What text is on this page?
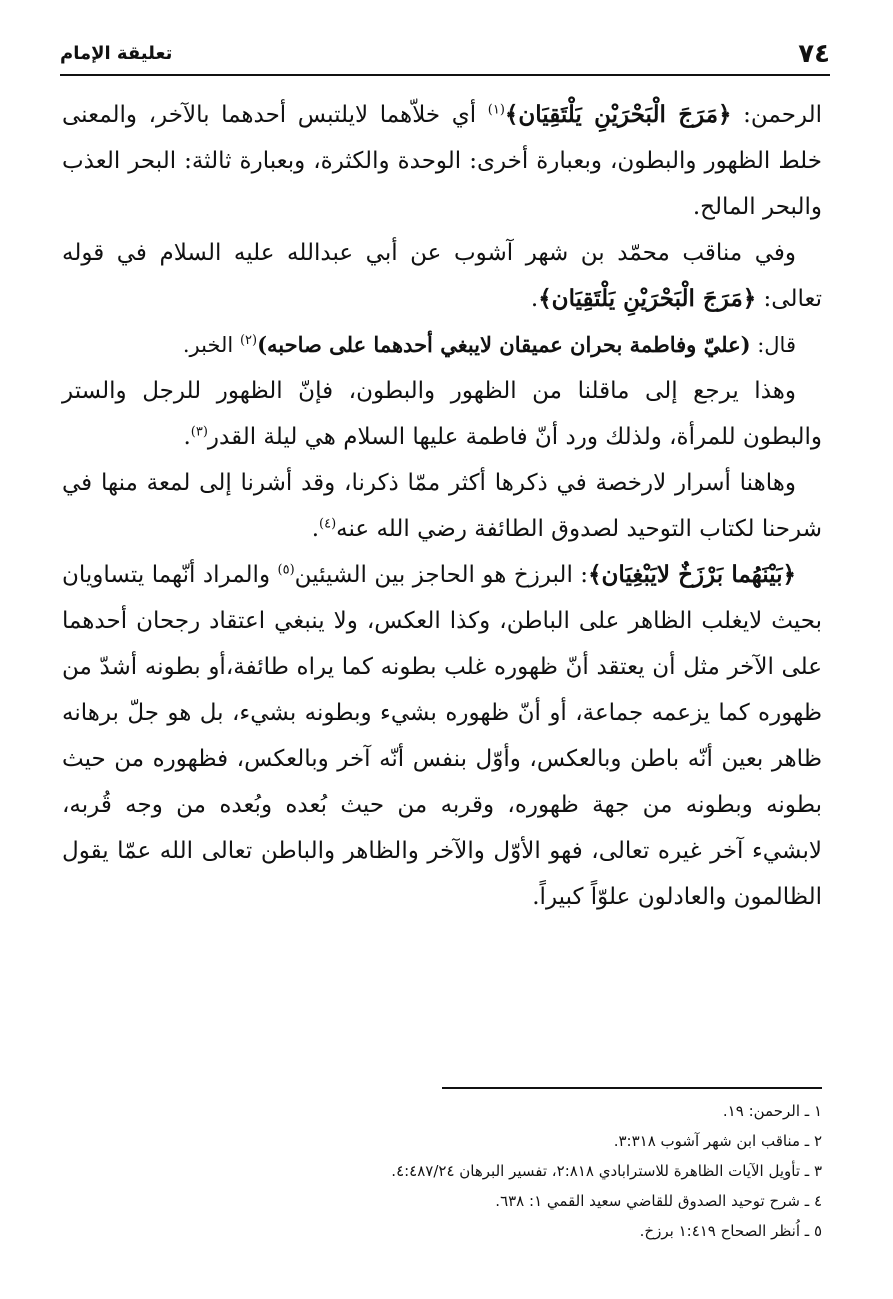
٧٤
تعليقة الإمام

الرحمن: ﴿مَرَجَ الْبَحْرَيْنِ يَلْتَقِيَان﴾$^{(١)}$ أي خلاّهما لايلتبس أحدهما بالآخر، والمعنى خلط الظهور والبطون، وبعبارة أخرى: الوحدة والكثرة، وبعبارة ثالثة: البحر العذب والبحر المالح.

وفي مناقب محمّد بن شهر آشوب عن أبي عبدالله عليه السلام في قوله تعالى: ﴿مَرَجَ الْبَحْرَيْنِ يَلْتَقِيَان﴾.

قال: (عليّ وفاطمة بحران عميقان لايبغي أحدهما على صاحبه)$^{(٢)}$ الخبر.

وهذا يرجع إلى ماقلنا من الظهور والبطون، فإنّ الظهور للرجل والستر والبطون للمرأة، ولذلك ورد أنّ فاطمة عليها السلام هي ليلة القدر$^{(٣)}$.

وهاهنا أسرار لارخصة في ذكرها أكثر ممّا ذكرنا، وقد أشرنا إلى لمعة منها في شرحنا لكتاب التوحيد لصدوق الطائفة رضي الله عنه$^{(٤)}$.

﴿بَيْنَهُما بَرْزَخٌ لايَبْغِيَان﴾: البرزخ هو الحاجز بين الشيئين$^{(٥)}$ والمراد أنّهما يتساويان بحيث لايغلب الظاهر على الباطن، وكذا العكس، ولا ينبغي اعتقاد رجحان أحدهما على الآخر مثل أن يعتقد أنّ ظهوره غلب بطونه كما يراه طائفة،أو بطونه أشدّ من ظهوره كما يزعمه جماعة، أو أنّ ظهوره بشيء وبطونه بشيء، بل هو جلّ برهانه ظاهر بعين أنّه باطن وبالعكس، وأوّل بنفس أنّه آخر وبالعكس، فظهوره من حيث بطونه وبطونه من جهة ظهوره، وقربه من حيث بُعده وبُعده من وجه قُربه، لابشيء آخر غيره تعالى، فهو الأوّل والآخر والظاهر والباطن تعالى الله عمّا يقول الظالمون والعادلون علوّاً كبيراً.

١ ـ الرحمن: ١٩.
٢ ـ مناقب ابن شهر آشوب ٣:٣١٨.
٣ ـ تأويل الآيات الظاهرة للاسترابادي ٢:٨١٨، تفسير البرهان ٤:٤٨٧/٢٤.
٤ ـ شرح توحيد الصدوق للقاضي سعيد القمي ١: ٦٣٨.
٥ ـ اُنظر الصحاح ١:٤١٩ برزخ.
